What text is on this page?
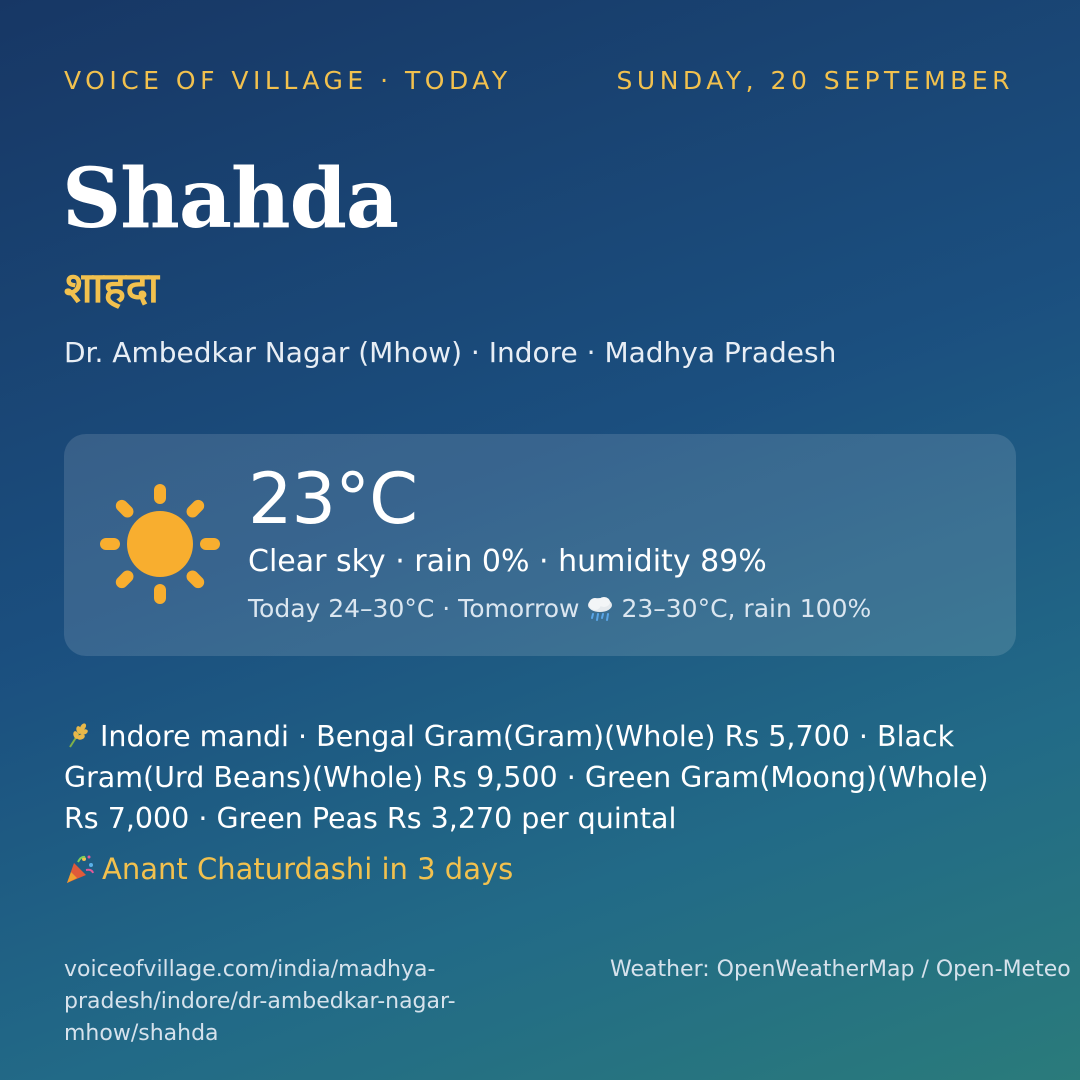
VOICE OF VILLAGE · TODAY	SUNDAY, 20 SEPTEMBER
Shahda
शाहदा
Dr. Ambedkar Nagar (Mhow) · Indore · Madhya Pradesh
23°C
Clear sky · rain 0% · humidity 89%
Today 24–30°C · Tomorrow 23–30°C, rain 100%
Indore mandi · Bengal Gram(Gram)(Whole) Rs 5,700 · Black Gram(Urd Beans)(Whole) Rs 9,500 · Green Gram(Moong)(Whole) Rs 7,000 · Green Peas Rs 3,270 per quintal
Anant Chaturdashi in 3 days
voiceofvillage.com/india/madhya-pradesh/indore/dr-ambedkar-nagar-mhow/shahda
Weather: OpenWeatherMap / Open-Meteo
